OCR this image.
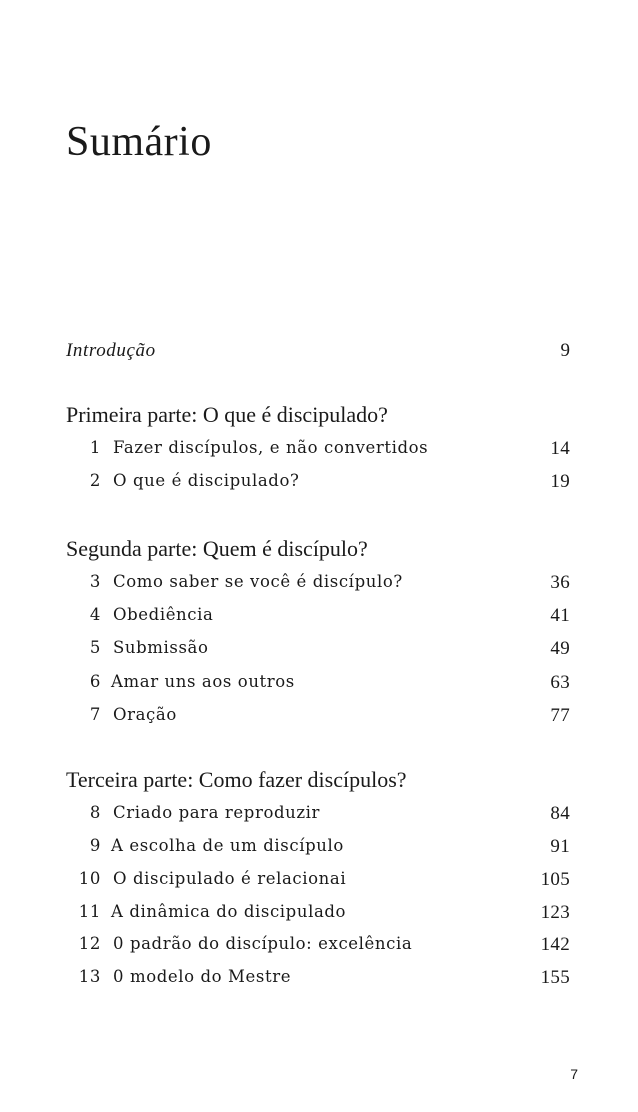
Sumário
Introdução	9
Primeira parte: O que é discipulado?
1 Fazer discípulos, e não convertidos	14
2 O que é discipulado?	19
Segunda parte: Quem é discípulo?
3 Como saber se você é discípulo?	36
4 Obediência	41
5 Submissão	49
6 Amar uns aos outros	63
7 Oração	77
Terceira parte: Como fazer discípulos?
8 Criado para reproduzir	84
9 A escolha de um discípulo	91
10 O discipulado é relacionai	105
11 A dinâmica do discipulado	123
12 0 padrão do discípulo: excelência	142
13 0 modelo do Mestre	155
7
